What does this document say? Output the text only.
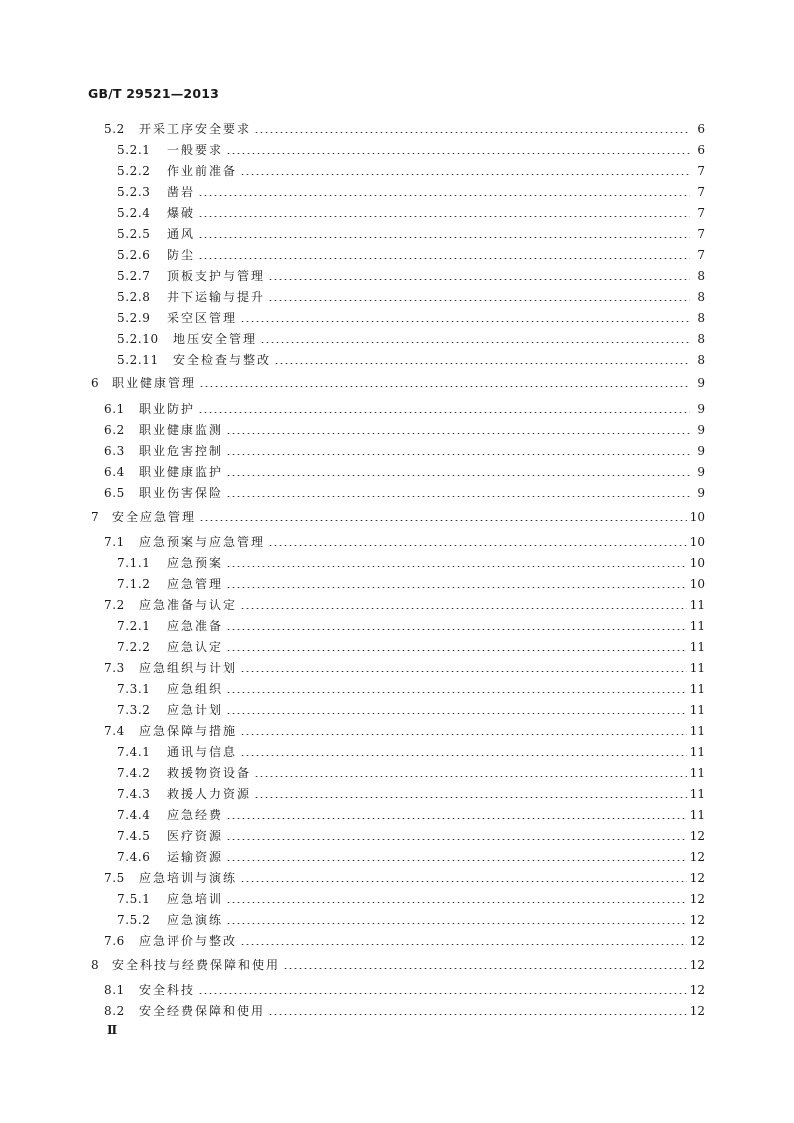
GB/T 29521—2013
5.2	开采工序安全要求	6
5.2.1	一般要求	6
5.2.2	作业前准备	7
5.2.3	凿岩	7
5.2.4	爆破	7
5.2.5	通风	7
5.2.6	防尘	7
5.2.7	顶板支护与管理	8
5.2.8	井下运输与提升	8
5.2.9	采空区管理	8
5.2.10	地压安全管理	8
5.2.11	安全检查与整改	8
6	职业健康管理	9
6.1	职业防护	9
6.2	职业健康监测	9
6.3	职业危害控制	9
6.4	职业健康监护	9
6.5	职业伤害保险	9
7	安全应急管理	10
7.1	应急预案与应急管理	10
7.1.1	应急预案	10
7.1.2	应急管理	10
7.2	应急准备与认定	11
7.2.1	应急准备	11
7.2.2	应急认定	11
7.3	应急组织与计划	11
7.3.1	应急组织	11
7.3.2	应急计划	11
7.4	应急保障与措施	11
7.4.1	通讯与信息	11
7.4.2	救援物资设备	11
7.4.3	救援人力资源	11
7.4.4	应急经费	11
7.4.5	医疗资源	12
7.4.6	运输资源	12
7.5	应急培训与演练	12
7.5.1	应急培训	12
7.5.2	应急演练	12
7.6	应急评价与整改	12
8	安全科技与经费保障和使用	12
8.1	安全科技	12
8.2	安全经费保障和使用	12
Ⅱ
